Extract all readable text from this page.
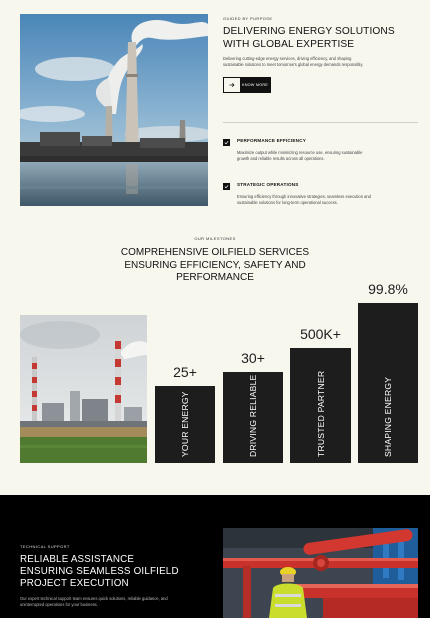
GUIDED BY PURPOSE
DELIVERING ENERGY SOLUTIONS
WITH GLOBAL EXPERTISE
Delivering cutting-edge energy services, driving efficiency, and shaping sustainable solutions to meet tomorrow's global energy demands responsibly.
KNOW MORE
PERFORMANCE EFFICIENCY
Maximize output while minimizing resource use, ensuring sustainable growth and reliable results across all operations.
STRATEGIC OPERATIONS
Ensuring efficiency through innovative strategies, seamless execution and sustainable solutions for long-term operational success.
OUR MILESTONES
COMPREHENSIVE OILFIELD SERVICES
ENSURING EFFICIENCY, SAFETY AND
PERFORMANCE
25+
YOUR ENERGY
30+
DRIVING RELIABLE
500K+
TRUSTED PARTNER
99.8%
SHAPING ENERGY
TECHNICAL SUPPORT
RELIABLE ASSISTANCE
ENSURING SEAMLESS OILFIELD
PROJECT EXECUTION
Our expert technical support team ensures quick solutions, reliable guidance, and uninterrupted operations for your business.
